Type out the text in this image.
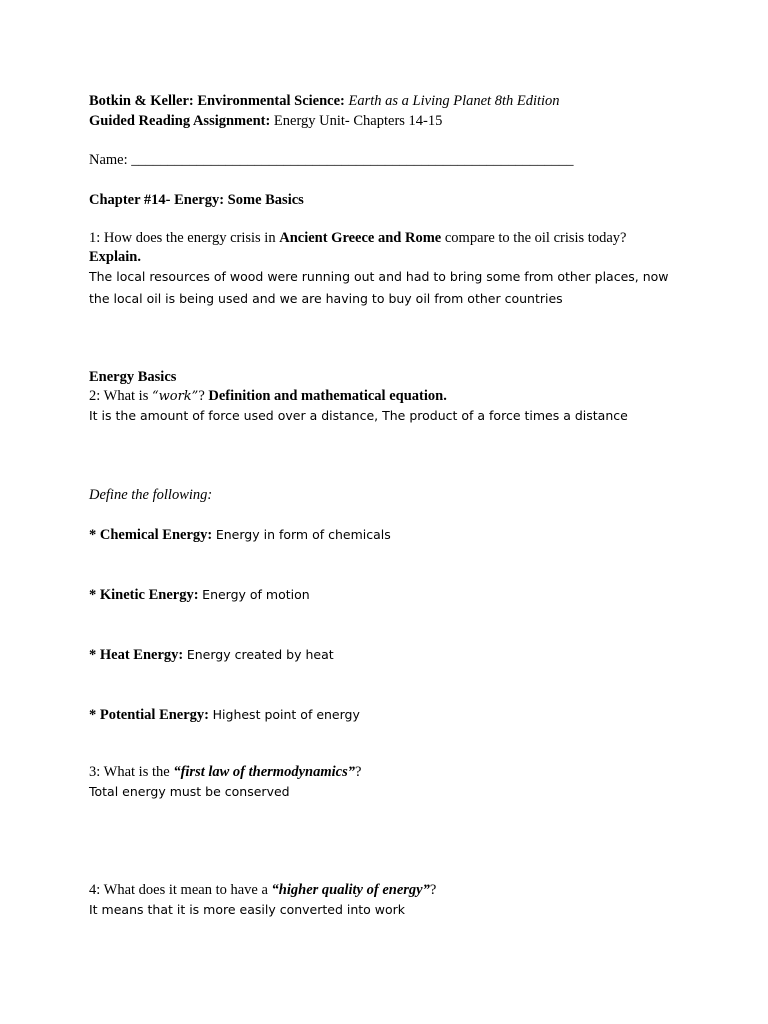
Botkin & Keller: Environmental Science: Earth as a Living Planet 8th Edition
Guided Reading Assignment: Energy Unit- Chapters 14-15
Name: _____________________________________________________________
Chapter #14- Energy: Some Basics
1: How does the energy crisis in Ancient Greece and Rome compare to the oil crisis today?
Explain.
The local resources of wood were running out and had to bring some from other places, now
the local oil is being used and we are having to buy oil from other countries
Energy Basics
2: What is “work”? Definition and mathematical equation.
It is the amount of force used over a distance, The product of a force times a distance
Define the following:
* Chemical Energy: Energy in form of chemicals
* Kinetic Energy: Energy of motion
* Heat Energy: Energy created by heat
* Potential Energy: Highest point of energy
3: What is the “first law of thermodynamics”?
Total energy must be conserved
4: What does it mean to have a “higher quality of energy”?
It means that it is more easily converted into work
